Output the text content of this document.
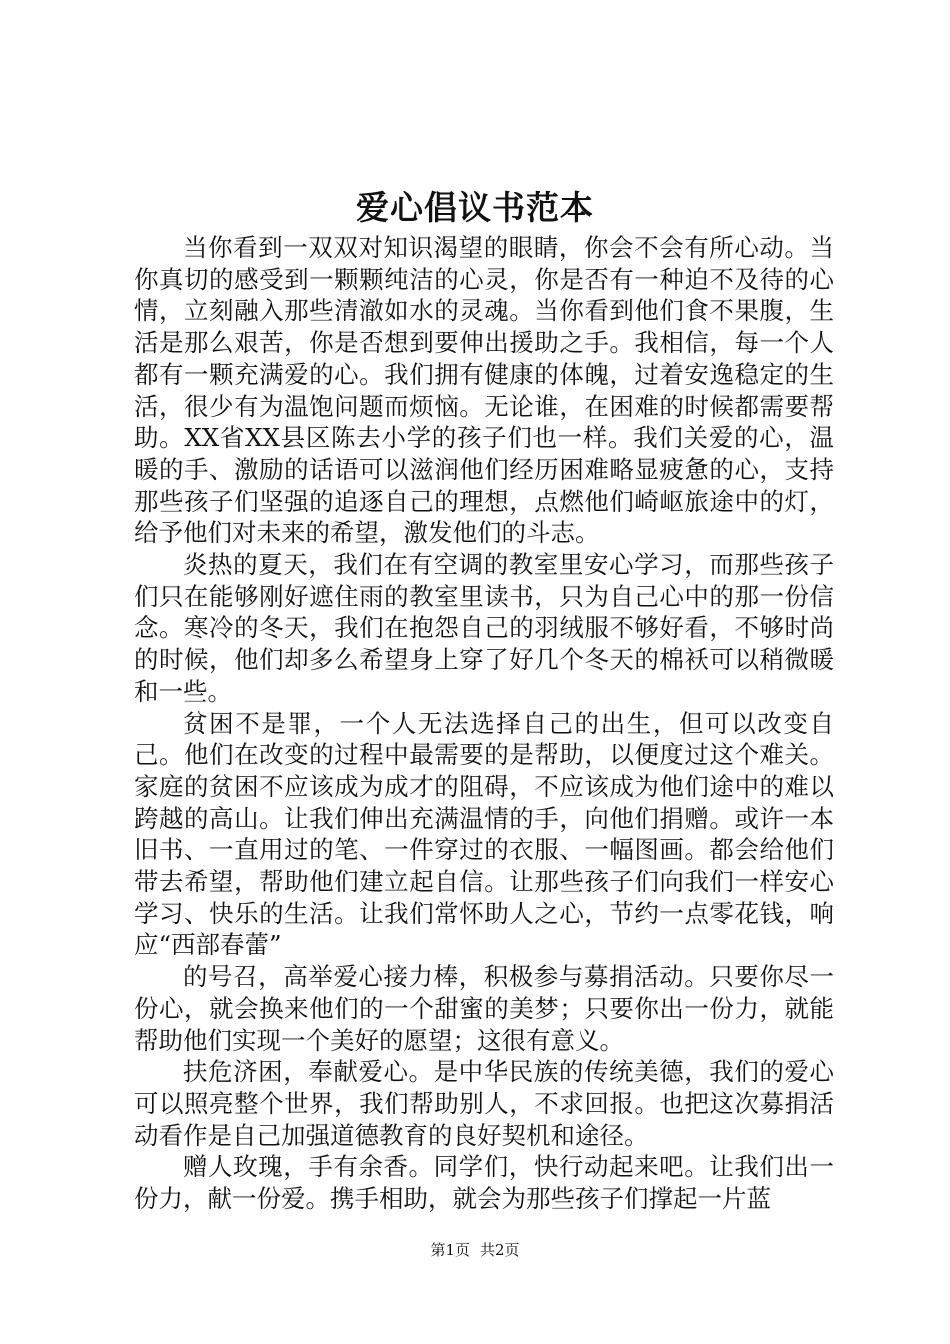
爱心倡议书范本

当你看到一双双对知识渴望的眼睛，你会不会有所心动。当你真切的感受到一颗颗纯洁的心灵，你是否有一种迫不及待的心情，立刻融入那些清澈如水的灵魂。当你看到他们食不果腹，生活是那么艰苦，你是否想到要伸出援助之手。我相信，每一个人都有一颗充满爱的心。我们拥有健康的体魄，过着安逸稳定的生活，很少有为温饱问题而烦恼。无论谁，在困难的时候都需要帮助。XX省XX县区陈去小学的孩子们也一样。我们关爱的心，温暖的手、激励的话语可以滋润他们经历困难略显疲惫的心，支持那些孩子们坚强的追逐自己的理想，点燃他们崎岖旅途中的灯，给予他们对未来的希望，激发他们的斗志。

炎热的夏天，我们在有空调的教室里安心学习，而那些孩子们只在能够刚好遮住雨的教室里读书，只为自己心中的那一份信念。寒冷的冬天，我们在抱怨自己的羽绒服不够好看，不够时尚的时候，他们却多么希望身上穿了好几个冬天的棉袄可以稍微暖和一些。

贫困不是罪，一个人无法选择自己的出生，但可以改变自己。他们在改变的过程中最需要的是帮助，以便度过这个难关。家庭的贫困不应该成为成才的阻碍，不应该成为他们途中的难以跨越的高山。让我们伸出充满温情的手，向他们捐赠。或许一本旧书、一直用过的笔、一件穿过的衣服、一幅图画。都会给他们带去希望，帮助他们建立起自信。让那些孩子们向我们一样安心学习、快乐的生活。让我们常怀助人之心，节约一点零花钱，响应“西部春蕾”

的号召，高举爱心接力棒，积极参与募捐活动。只要你尽一份心，就会换来他们的一个甜蜜的美梦；只要你出一份力，就能帮助他们实现一个美好的愿望；这很有意义。

扶危济困，奉献爱心。是中华民族的传统美德，我们的爱心可以照亮整个世界，我们帮助别人，不求回报。也把这次募捐活动看作是自己加强道德教育的良好契机和途径。

赠人玫瑰，手有余香。同学们，快行动起来吧。让我们出一份力，献一份爱。携手相助，就会为那些孩子们撑起一片蓝

第1页 共2页
